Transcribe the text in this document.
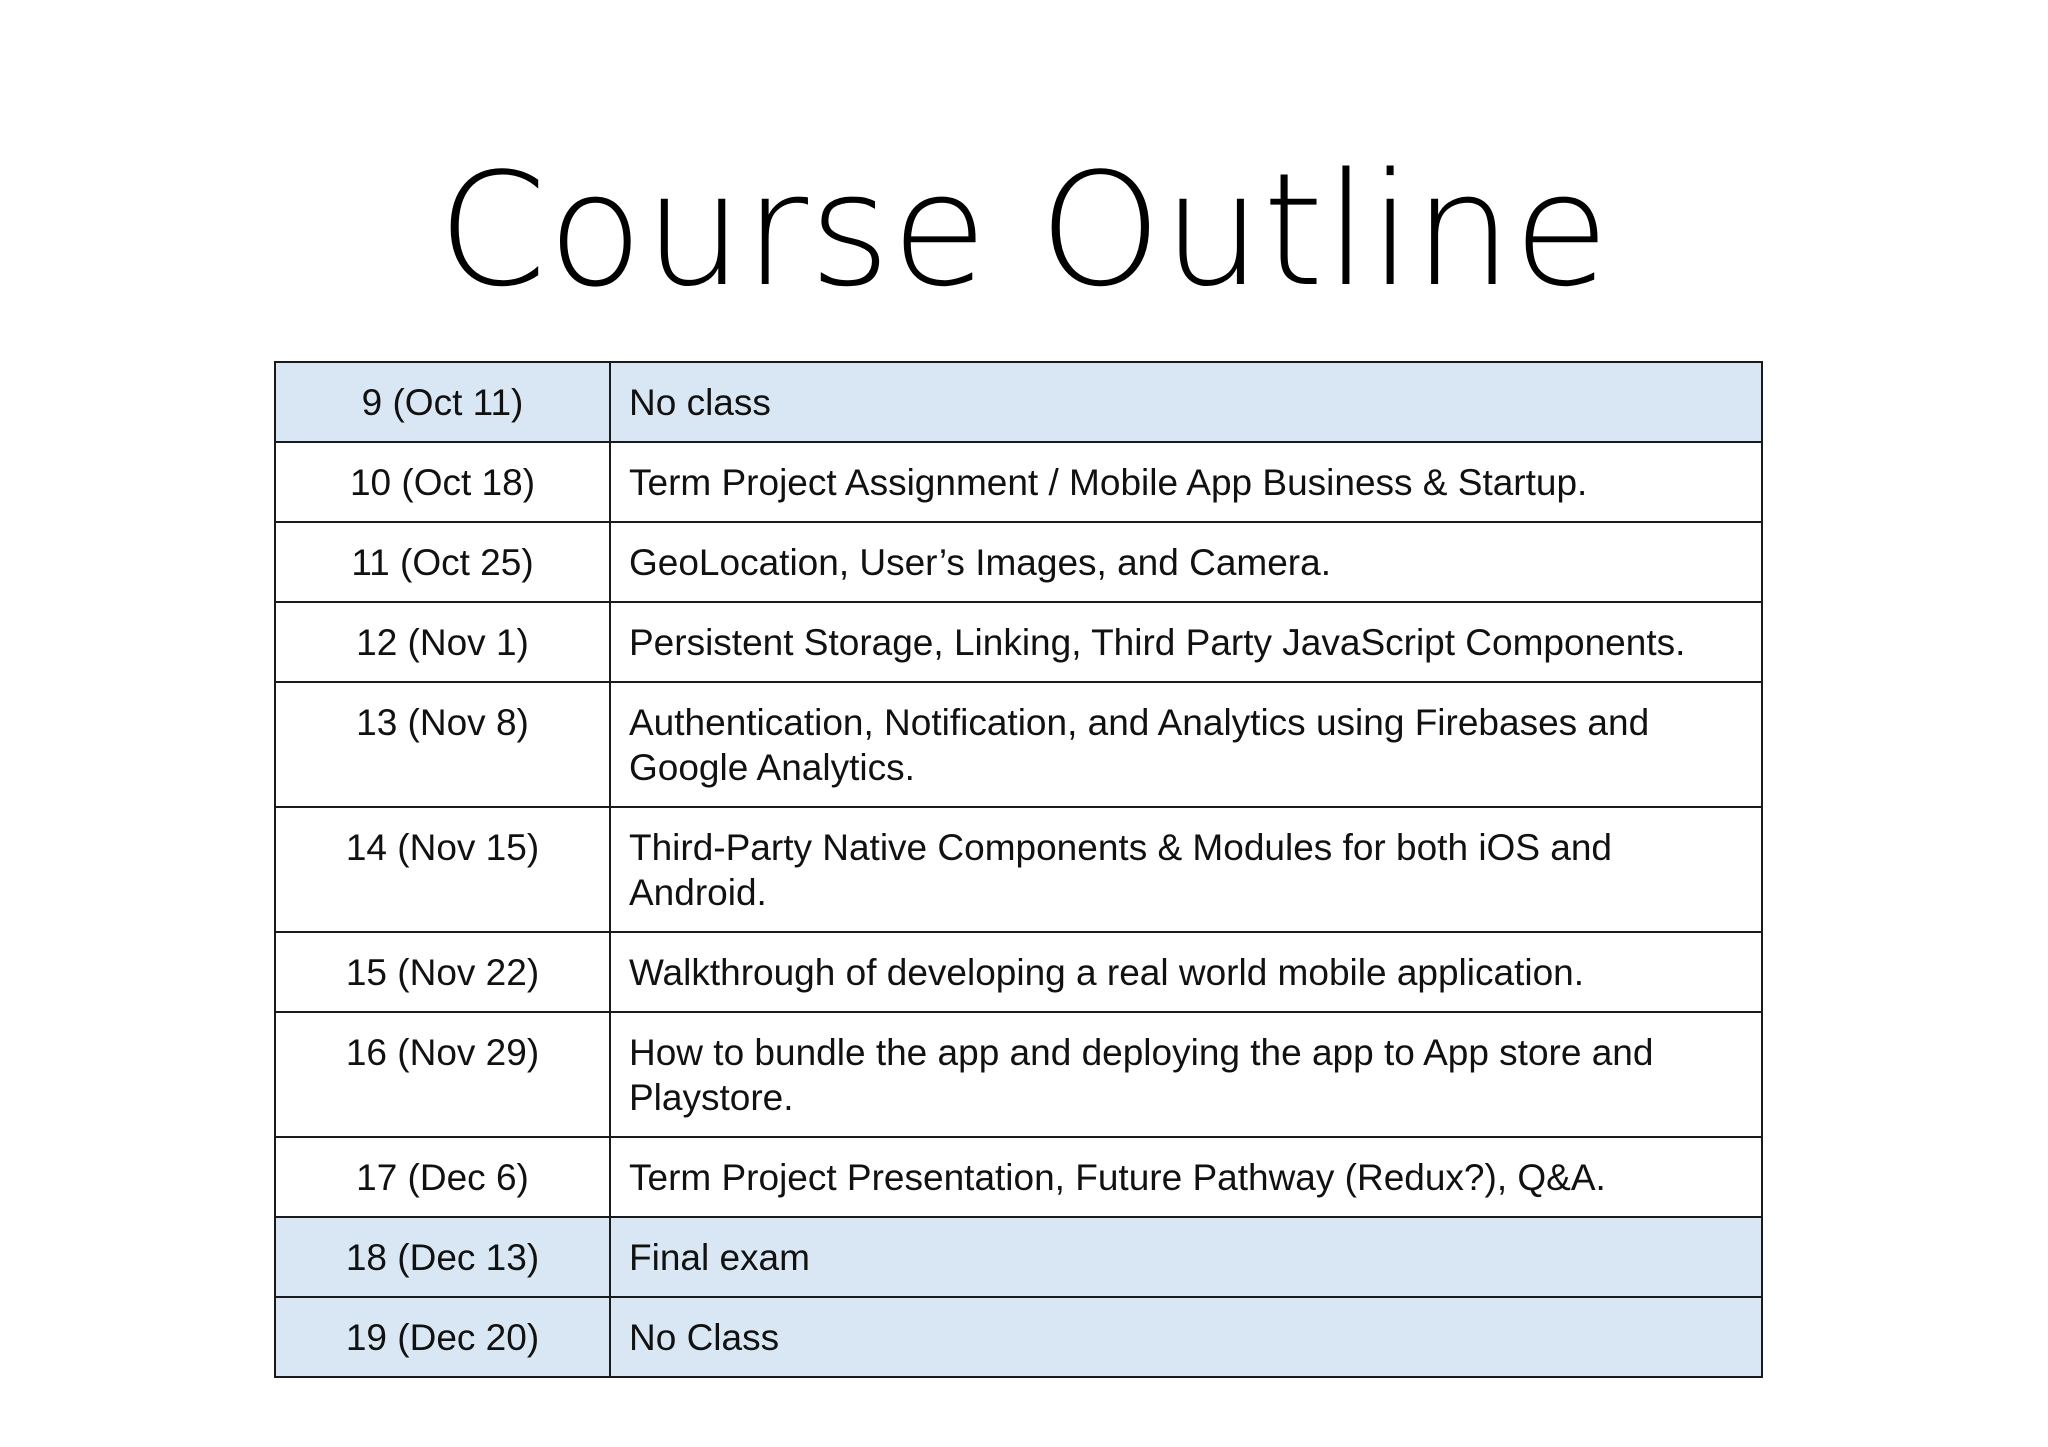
Course Outline
9 (Oct 11)	No class
10 (Oct 18)	Term Project Assignment / Mobile App Business & Startup.
11 (Oct 25)	GeoLocation, User’s Images, and Camera.
12 (Nov 1)	Persistent Storage, Linking, Third Party JavaScript Components.
13 (Nov 8)	Authentication, Notification, and Analytics using Firebases and Google Analytics.
14 (Nov 15)	Third-Party Native Components & Modules for both iOS and Android.
15 (Nov 22)	Walkthrough of developing a real world mobile application.
16 (Nov 29)	How to bundle the app and deploying the app to App store and Playstore.
17 (Dec 6)	Term Project Presentation, Future Pathway (Redux?), Q&A.
18 (Dec 13)	Final exam
19 (Dec 20)	No Class
